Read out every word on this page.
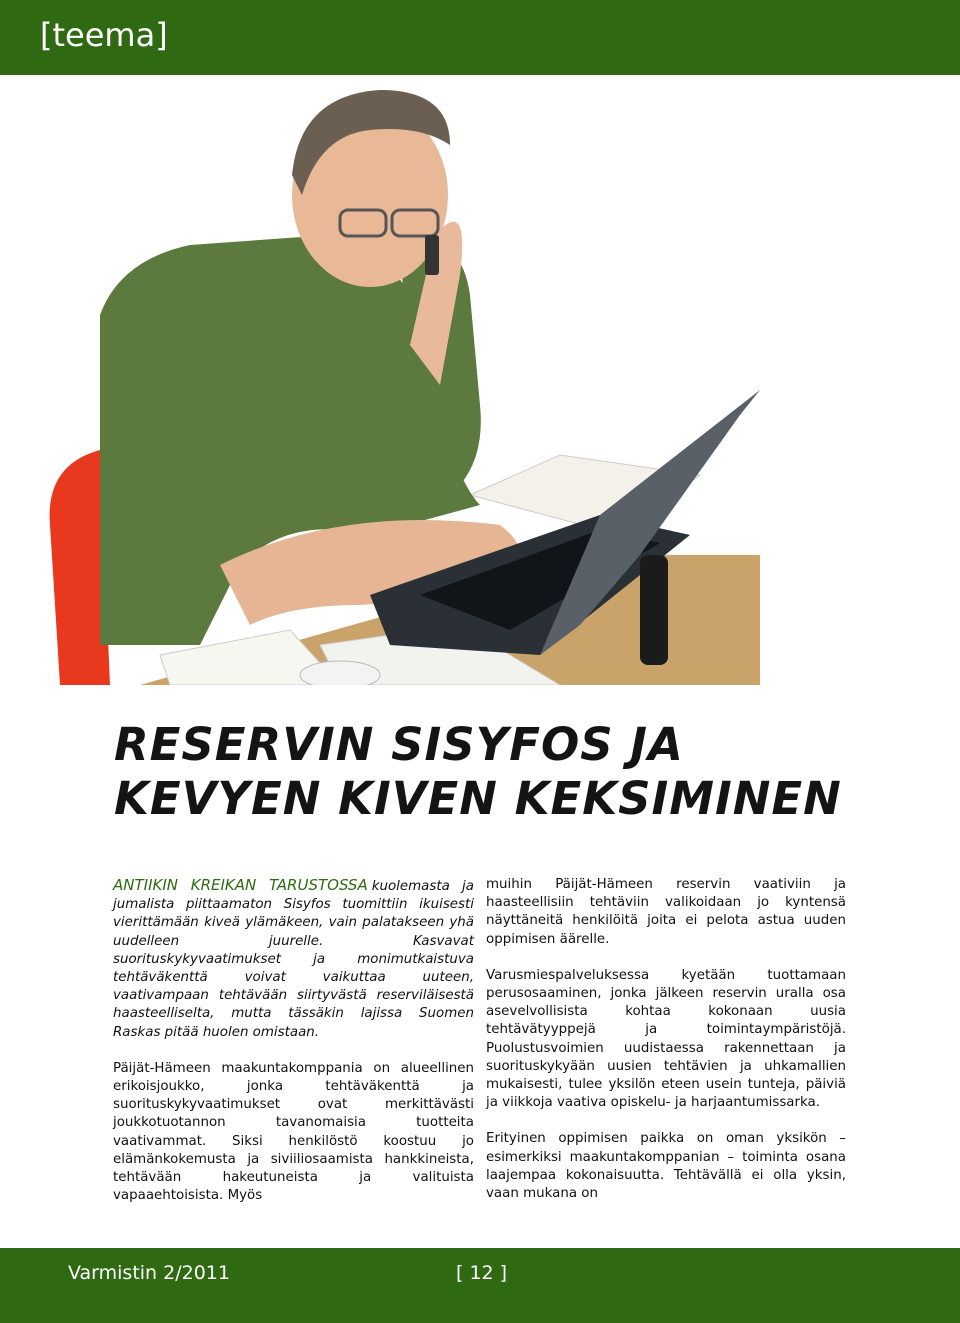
[teema]
RESERVIN SISYFOS JA
KEVYEN KIVEN KEKSIMINEN

ANTIIKIN KREIKAN TARUSTOSSA kuolemasta ja jumalista piittaamaton Sisyfos tuomittiin ikuisesti vierittämään kiveä ylämäkeen, vain palatakseen yhä uudelleen juurelle. Kasvavat suorituskykyvaatimukset ja monimutkaistuva tehtäväkenttä voivat vaikuttaa uuteen, vaativampaan tehtävään siirtyvästä reserviläisestä haasteelliselta, mutta tässäkin lajissa Suomen Raskas pitää huolen omistaan.

Päijät-Hämeen maakuntakomppania on alueellinen erikoisjoukko, jonka tehtäväkenttä ja suorituskykyvaatimukset ovat merkittävästi joukkotuotannon tavanomaisia tuotteita vaativammat. Siksi henkilöstö koostuu jo elämänkokemusta ja siviiliosaamista hankkineista, tehtävään hakeutuneista ja valituista vapaaehtoisista. Myös

muihin Päijät-Hämeen reservin vaativiin ja haasteellisiin tehtäviin valikoidaan jo kyntensä näyttäneitä henkilöitä joita ei pelota astua uuden oppimisen äärelle.

Varusmiespalveluksessa kyetään tuottamaan perusosaaminen, jonka jälkeen reservin uralla osa asevelvollisista kohtaa kokonaan uusia tehtävätyyppejä ja toimintaympäristöjä. Puolustusvoimien uudistaessa rakennettaan ja suorituskykyään uusien tehtävien ja uhkamallien mukaisesti, tulee yksilön eteen usein tunteja, päiviä ja viikkoja vaativa opiskelu- ja harjaantumissarka.

Erityinen oppimisen paikka on oman yksikön – esimerkiksi maakuntakomppanian – toiminta osana laajempaa kokonaisuutta. Tehtävällä ei olla yksin, vaan mukana on

Varmistin 2/2011	[ 12 ]
